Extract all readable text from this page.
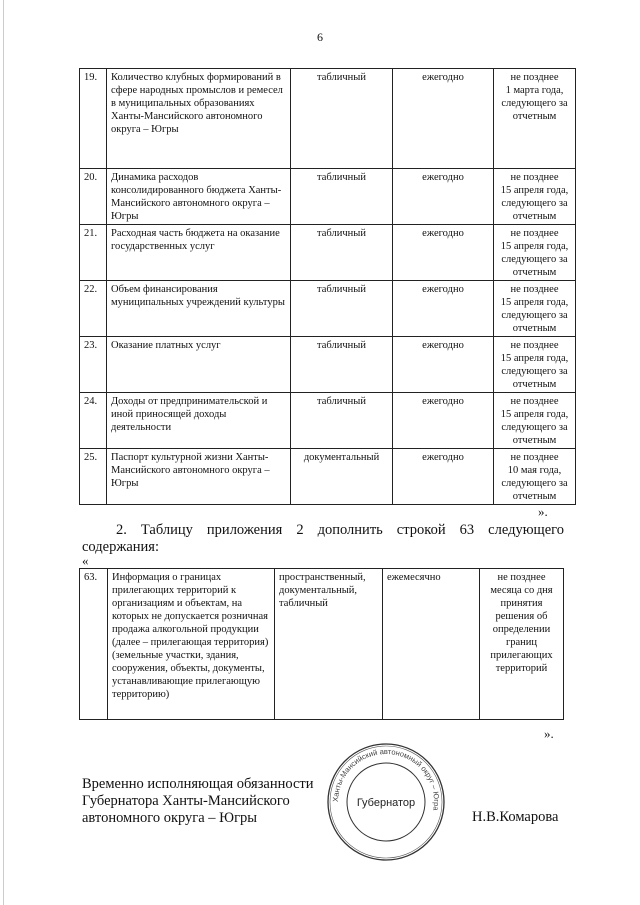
6
19.	Количество клубных формирований в сфере народных промыслов и ремесел в муниципальных образованиях Ханты-Мансийского автономного округа – Югры	табличный	ежегодно	не позднее
1 марта года, следующего за отчетным
20.	Динамика расходов консолидированного бюджета Ханты-Мансийского автономного округа – Югры	табличный	ежегодно	не позднее
15 апреля года, следующего за отчетным
21.	Расходная часть бюджета на оказание государственных услуг	табличный	ежегодно	не позднее
15 апреля года, следующего за отчетным
22.	Объем финансирования муниципальных учреждений культуры	табличный	ежегодно	не позднее
15 апреля года, следующего за отчетным
23.	Оказание платных услуг	табличный	ежегодно	не позднее
15 апреля года, следующего за отчетным
24.	Доходы от предпринимательской и иной приносящей доходы деятельности	табличный	ежегодно	не позднее
15 апреля года, следующего за отчетным
25.	Паспорт культурной жизни Ханты-Мансийского автономного округа – Югры	документальный	ежегодно	не позднее
10 мая года, следующего за отчетным
».
2. Таблицу приложения 2 дополнить строкой 63 следующего содержания:
«
63.	Информация о границах прилегающих территорий к организациям и объектам, на которых не допускается розничная продажа алкогольной продукции (далее – прилегающая территория) (земельные участки, здания, сооружения, объекты, документы, устанавливающие прилегающую территорию)	пространственный, документальный, табличный	ежемесячно	не позднее месяца со дня принятия решения об определении границ прилегающих территорий
».
Временно исполняющая обязанности
Губернатора Ханты-Мансийского
автономного округа – Югры
Ханты-Мансийский автономный округ – Югра
Губернатор
Н.В.Комарова
